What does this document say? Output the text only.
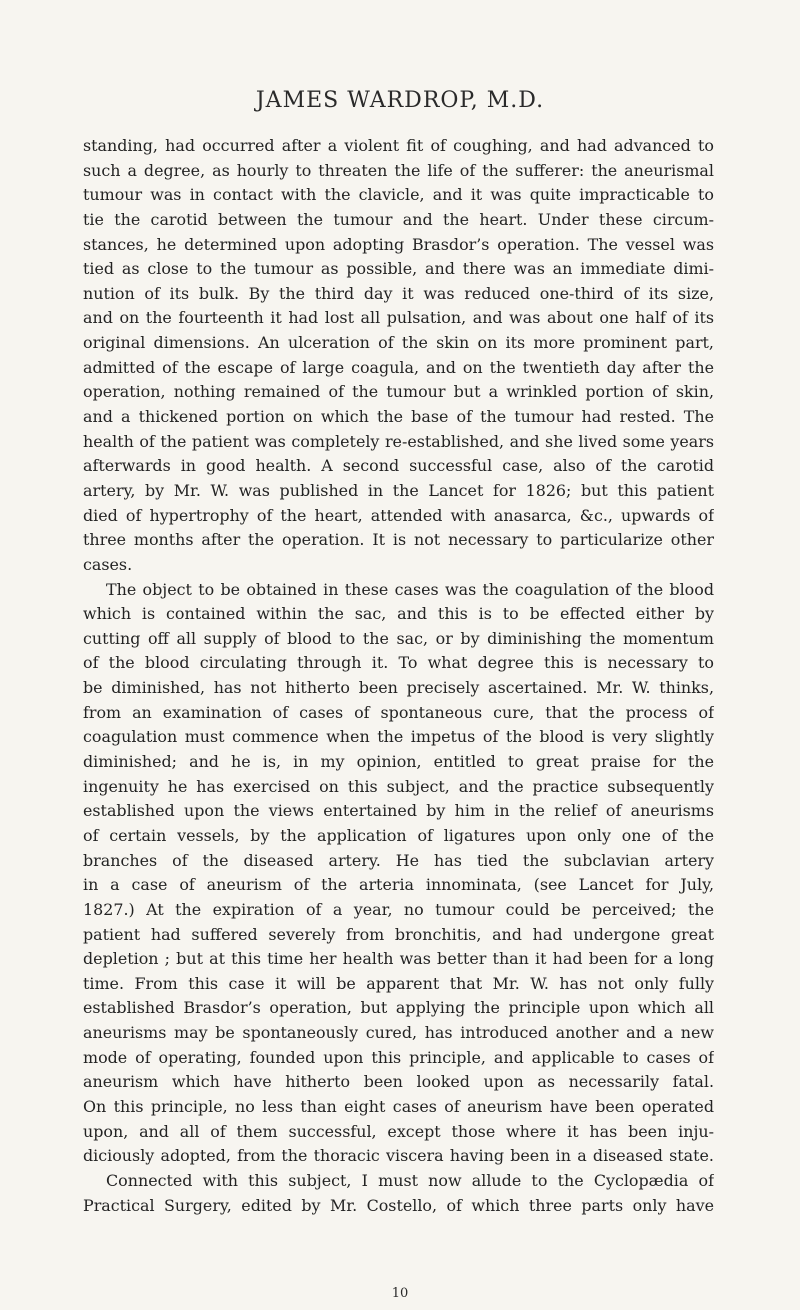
JAMES WARDROP, M.D.
standing, had occurred after a violent fit of coughing, and had advanced to
such a degree, as hourly to threaten the life of the sufferer: the aneurismal
tumour was in contact with the clavicle, and it was quite impracticable to
tie the carotid between the tumour and the heart. Under these circum-
stances, he determined upon adopting Brasdor’s operation. The vessel was
tied as close to the tumour as possible, and there was an immediate dimi-
nution of its bulk. By the third day it was reduced one-third of its size,
and on the fourteenth it had lost all pulsation, and was about one half of its
original dimensions. An ulceration of the skin on its more prominent part,
admitted of the escape of large coagula, and on the twentieth day after the
operation, nothing remained of the tumour but a wrinkled portion of skin,
and a thickened portion on which the base of the tumour had rested. The
health of the patient was completely re-established, and she lived some years
afterwards in good health. A second successful case, also of the carotid
artery, by Mr. W. was published in the Lancet for 1826; but this patient
died of hypertrophy of the heart, attended with anasarca, &c., upwards of
three months after the operation. It is not necessary to particularize other
cases.
The object to be obtained in these cases was the coagulation of the blood
which is contained within the sac, and this is to be effected either by
cutting off all supply of blood to the sac, or by diminishing the momentum
of the blood circulating through it. To what degree this is necessary to
be diminished, has not hitherto been precisely ascertained. Mr. W. thinks,
from an examination of cases of spontaneous cure, that the process of
coagulation must commence when the impetus of the blood is very slightly
diminished; and he is, in my opinion, entitled to great praise for the
ingenuity he has exercised on this subject, and the practice subsequently
established upon the views entertained by him in the relief of aneurisms
of certain vessels, by the application of ligatures upon only one of the
branches of the diseased artery. He has tied the subclavian artery
in a case of aneurism of the arteria innominata, (see Lancet for July,
1827.) At the expiration of a year, no tumour could be perceived; the
patient had suffered severely from bronchitis, and had undergone great
depletion ; but at this time her health was better than it had been for a long
time. From this case it will be apparent that Mr. W. has not only fully
established Brasdor’s operation, but applying the principle upon which all
aneurisms may be spontaneously cured, has introduced another and a new
mode of operating, founded upon this principle, and applicable to cases of
aneurism which have hitherto been looked upon as necessarily fatal.
On this principle, no less than eight cases of aneurism have been operated
upon, and all of them successful, except those where it has been inju-
diciously adopted, from the thoracic viscera having been in a diseased state.
Connected with this subject, I must now allude to the Cyclopædia of
Practical Surgery, edited by Mr. Costello, of which three parts only have
10
